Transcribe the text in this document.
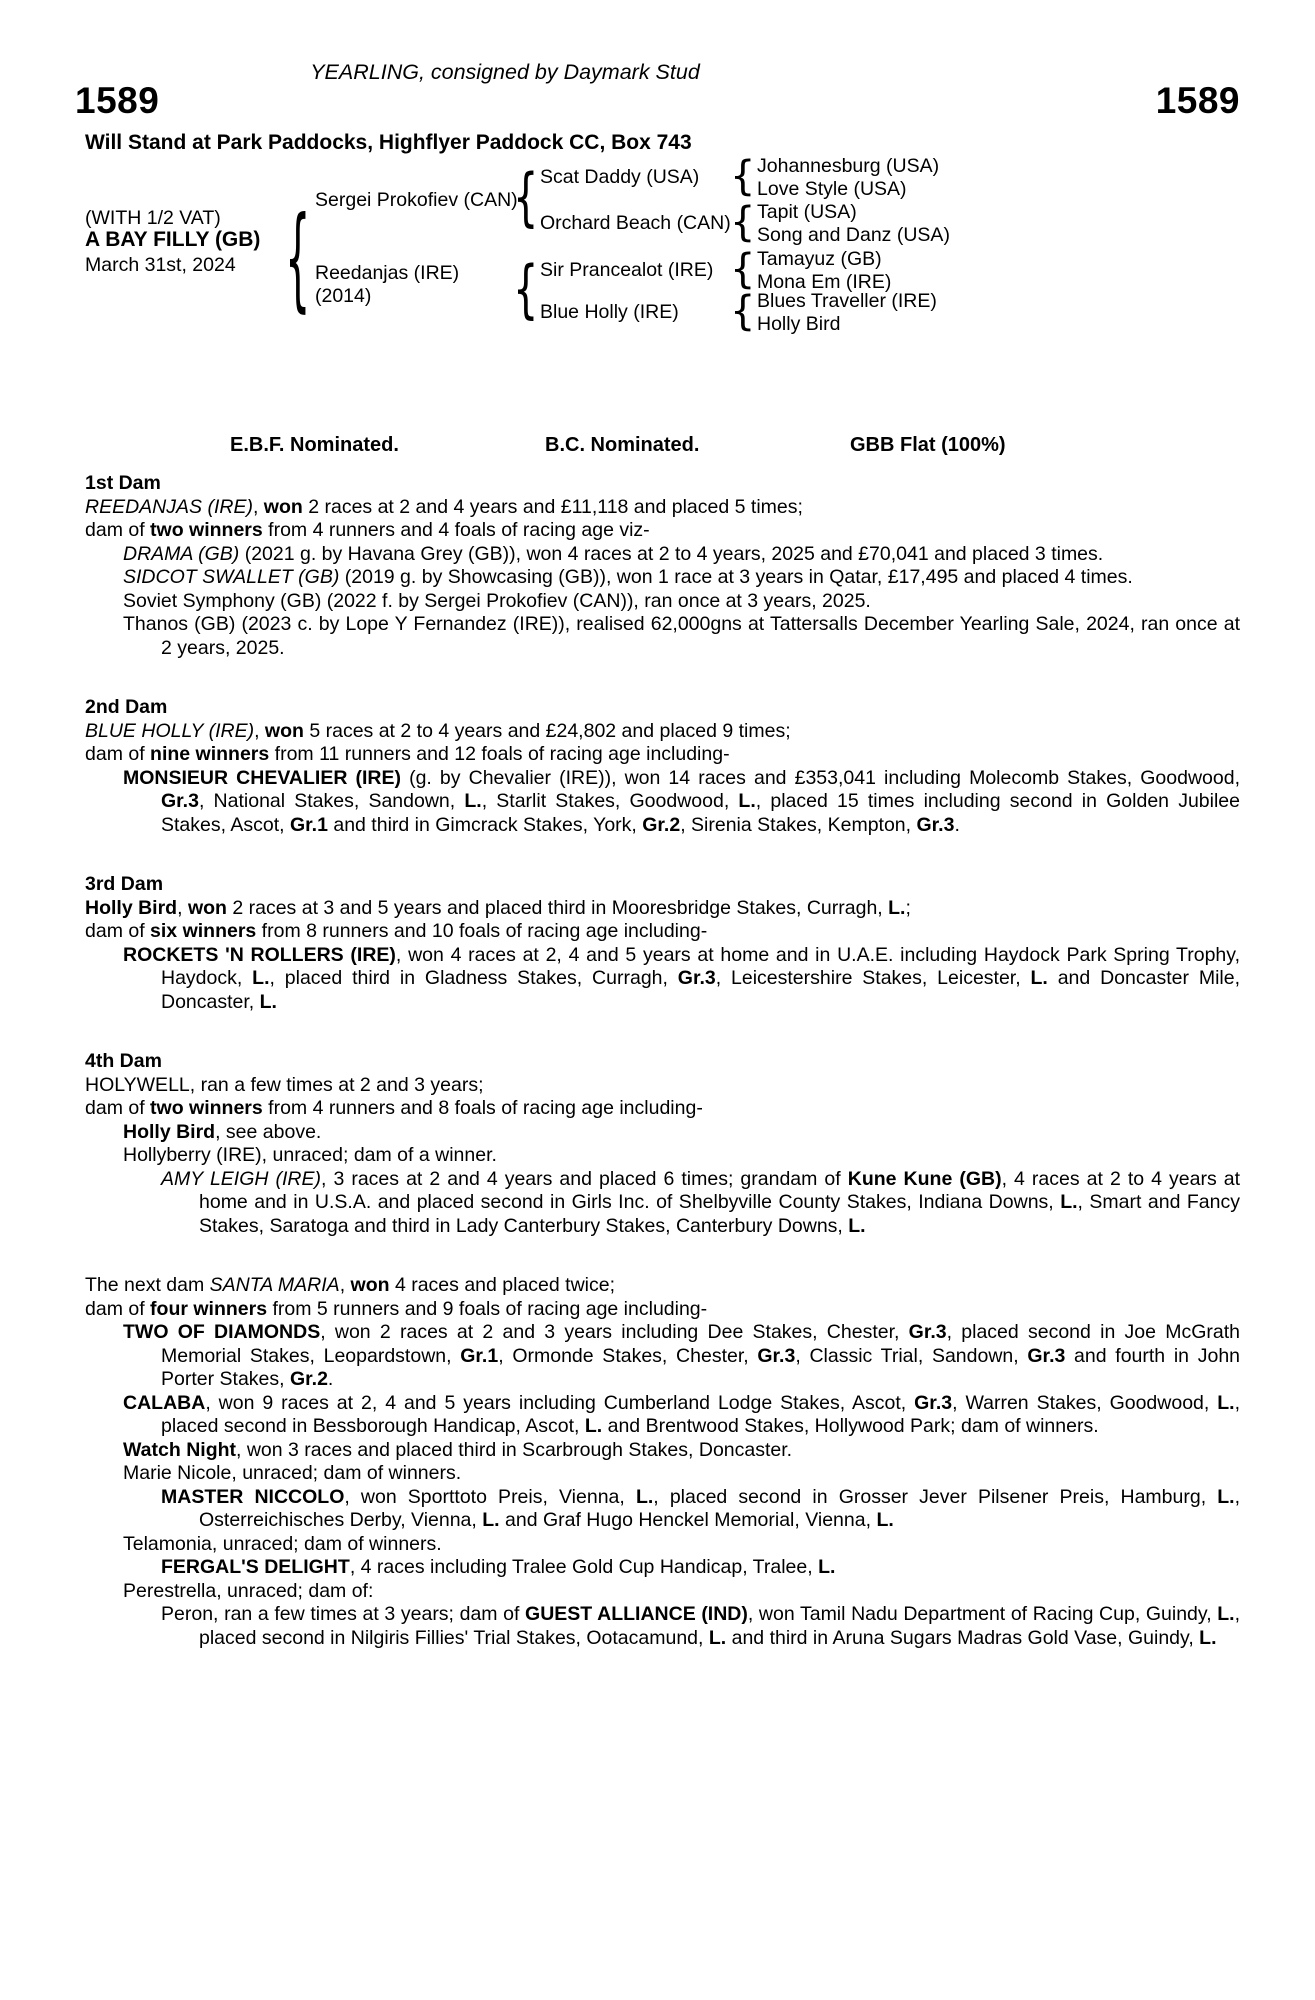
YEARLING, consigned by Daymark Stud
1589	1589
Will Stand at Park Paddocks, Highflyer Paddock CC, Box 743
(WITH 1/2 VAT)
A BAY FILLY (GB)
March 31st, 2024
{
{
{
{
{
{
{
Sergei Prokofiev (CAN)
Reedanjas (IRE)
(2014)
Scat Daddy (USA)
Orchard Beach (CAN)
Sir Prancealot (IRE)
Blue Holly (IRE)
Johannesburg (USA)
Love Style (USA)
Tapit (USA)
Song and Danz (USA)
Tamayuz (GB)
Mona Em (IRE)
Blues Traveller (IRE)
Holly Bird
E.B.F. Nominated.	B.C. Nominated.	GBB Flat (100%)
1st Dam

REEDANJAS (IRE), won 2 races at 2 and 4 years and £11,118 and placed 5 times;

dam of two winners from 4 runners and 4 foals of racing age viz-

DRAMA (GB) (2021 g. by Havana Grey (GB)), won 4 races at 2 to 4 years, 2025 and £70,041 and placed 3 times.

SIDCOT SWALLET (GB) (2019 g. by Showcasing (GB)), won 1 race at 3 years in Qatar, £17,495 and placed 4 times.

Soviet Symphony (GB) (2022 f. by Sergei Prokofiev (CAN)), ran once at 3 years, 2025.

Thanos (GB) (2023 c. by Lope Y Fernandez (IRE)), realised 62,000gns at Tattersalls December Yearling Sale, 2024, ran once at 2 years, 2025.

2nd Dam

BLUE HOLLY (IRE), won 5 races at 2 to 4 years and £24,802 and placed 9 times;

dam of nine winners from 11 runners and 12 foals of racing age including-

MONSIEUR CHEVALIER (IRE) (g. by Chevalier (IRE)), won 14 races and £353,041 including Molecomb Stakes, Goodwood, Gr.3, National Stakes, Sandown, L., Starlit Stakes, Goodwood, L., placed 15 times including second in Golden Jubilee Stakes, Ascot, Gr.1 and third in Gimcrack Stakes, York, Gr.2, Sirenia Stakes, Kempton, Gr.3.

3rd Dam

Holly Bird, won 2 races at 3 and 5 years and placed third in Mooresbridge Stakes, Curragh, L.;

dam of six winners from 8 runners and 10 foals of racing age including-

ROCKETS 'N ROLLERS (IRE), won 4 races at 2, 4 and 5 years at home and in U.A.E. including Haydock Park Spring Trophy, Haydock, L., placed third in Gladness Stakes, Curragh, Gr.3, Leicestershire Stakes, Leicester, L. and Doncaster Mile, Doncaster, L.

4th Dam

HOLYWELL, ran a few times at 2 and 3 years;

dam of two winners from 4 runners and 8 foals of racing age including-

Holly Bird, see above.

Hollyberry (IRE), unraced; dam of a winner.

AMY LEIGH (IRE), 3 races at 2 and 4 years and placed 6 times; grandam of Kune Kune (GB), 4 races at 2 to 4 years at home and in U.S.A. and placed second in Girls Inc. of Shelbyville County Stakes, Indiana Downs, L., Smart and Fancy Stakes, Saratoga and third in Lady Canterbury Stakes, Canterbury Downs, L.

The next dam SANTA MARIA, won 4 races and placed twice;

dam of four winners from 5 runners and 9 foals of racing age including-

TWO OF DIAMONDS, won 2 races at 2 and 3 years including Dee Stakes, Chester, Gr.3, placed second in Joe McGrath Memorial Stakes, Leopardstown, Gr.1, Ormonde Stakes, Chester, Gr.3, Classic Trial, Sandown, Gr.3 and fourth in John Porter Stakes, Gr.2.

CALABA, won 9 races at 2, 4 and 5 years including Cumberland Lodge Stakes, Ascot, Gr.3, Warren Stakes, Goodwood, L., placed second in Bessborough Handicap, Ascot, L. and Brentwood Stakes, Hollywood Park; dam of winners.

Watch Night, won 3 races and placed third in Scarbrough Stakes, Doncaster.

Marie Nicole, unraced; dam of winners.

MASTER NICCOLO, won Sporttoto Preis, Vienna, L., placed second in Grosser Jever Pilsener Preis, Hamburg, L., Osterreichisches Derby, Vienna, L. and Graf Hugo Henckel Memorial, Vienna, L.

Telamonia, unraced; dam of winners.

FERGAL'S DELIGHT, 4 races including Tralee Gold Cup Handicap, Tralee, L.

Perestrella, unraced; dam of:

Peron, ran a few times at 3 years; dam of GUEST ALLIANCE (IND), won Tamil Nadu Department of Racing Cup, Guindy, L., placed second in Nilgiris Fillies' Trial Stakes, Ootacamund, L. and third in Aruna Sugars Madras Gold Vase, Guindy, L.
